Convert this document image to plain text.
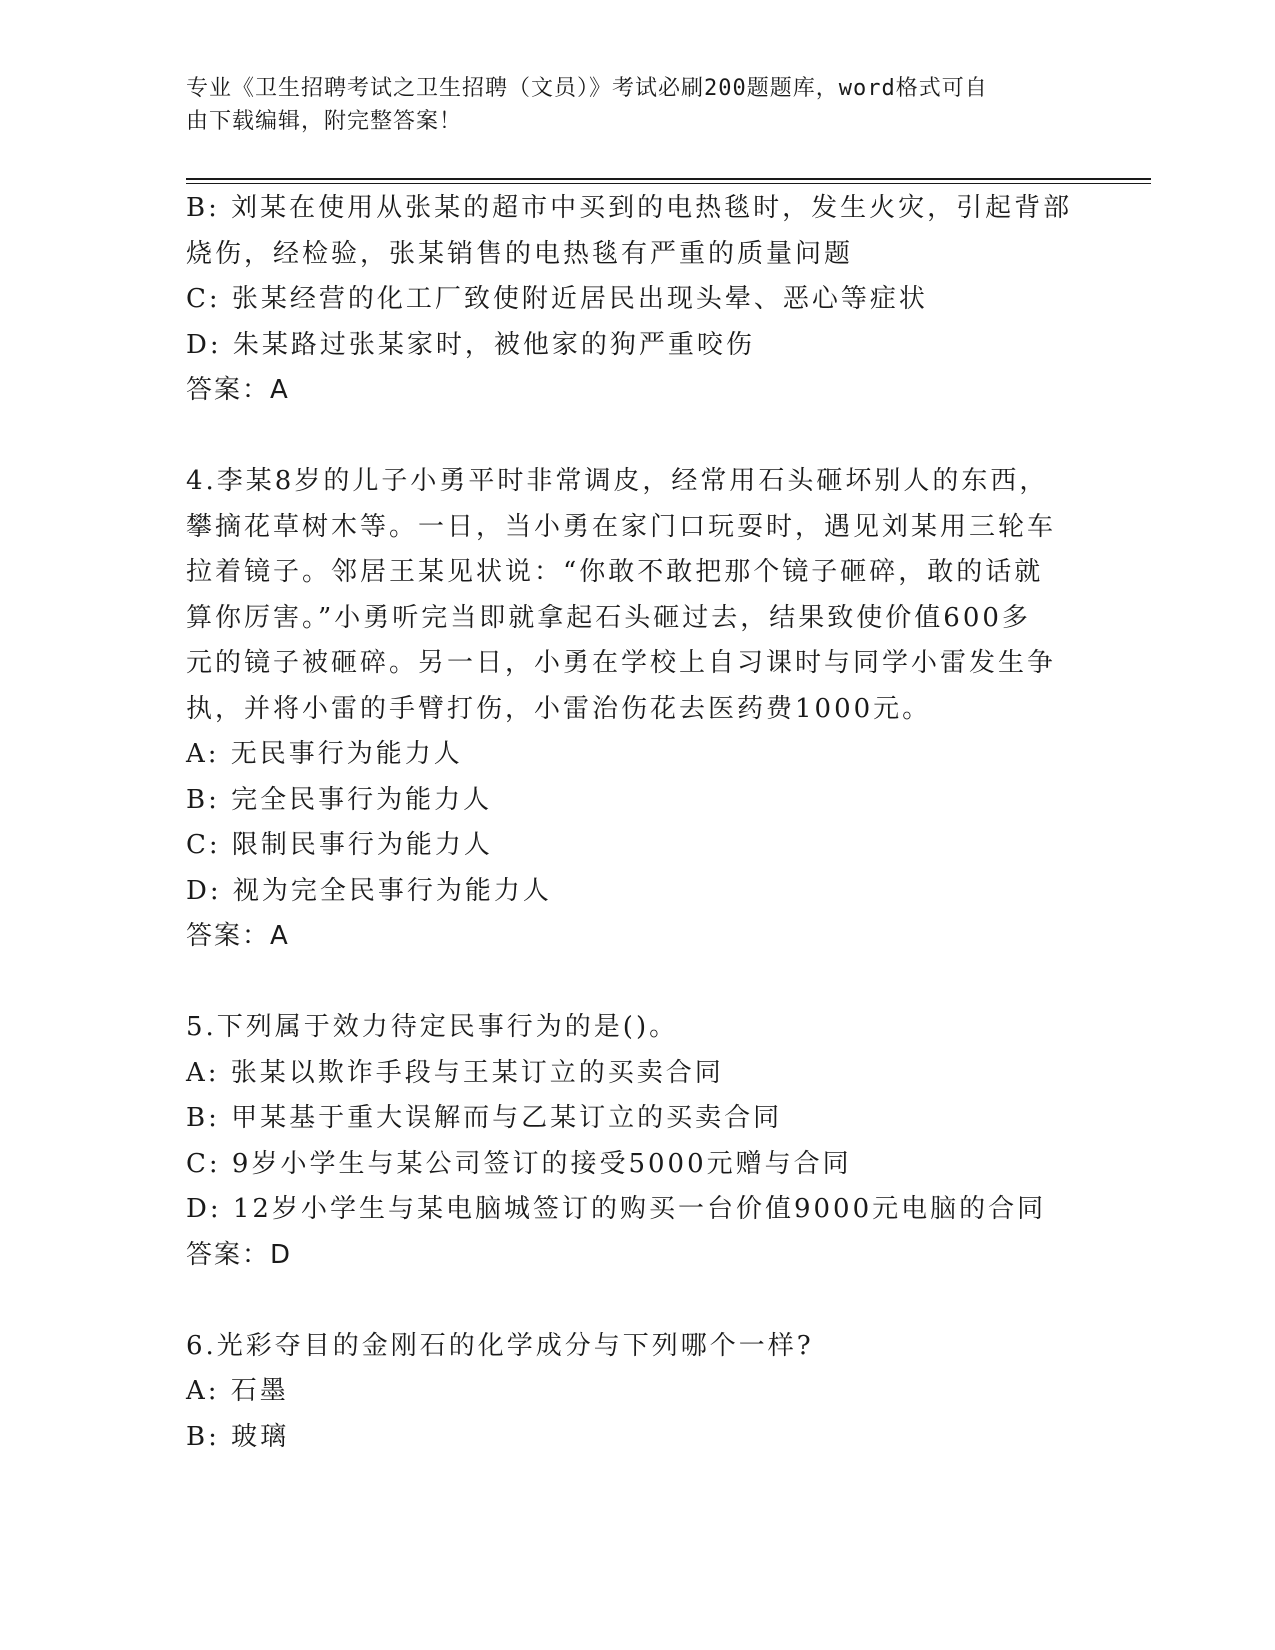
专业《卫生招聘考试之卫生招聘（文员）》考试必刷200题题库，word格式可自
由下载编辑，附完整答案！
B: 刘某在使用从张某的超市中买到的电热毯时，发生火灾，引起背部
烧伤，经检验，张某销售的电热毯有严重的质量问题
C: 张某经营的化工厂致使附近居民出现头晕、恶心等症状
D: 朱某路过张某家时，被他家的狗严重咬伤
答案：A
4.李某8岁的儿子小勇平时非常调皮，经常用石头砸坏别人的东西，
攀摘花草树木等。一日，当小勇在家门口玩耍时，遇见刘某用三轮车
拉着镜子。邻居王某见状说：“你敢不敢把那个镜子砸碎，敢的话就
算你厉害。”小勇听完当即就拿起石头砸过去，结果致使价值600多
元的镜子被砸碎。另一日，小勇在学校上自习课时与同学小雷发生争
执，并将小雷的手臂打伤，小雷治伤花去医药费1000元。
A: 无民事行为能力人
B: 完全民事行为能力人
C: 限制民事行为能力人
D: 视为完全民事行为能力人
答案：A
5.下列属于效力待定民事行为的是()。
A: 张某以欺诈手段与王某订立的买卖合同
B: 甲某基于重大误解而与乙某订立的买卖合同
C: 9岁小学生与某公司签订的接受5000元赠与合同
D: 12岁小学生与某电脑城签订的购买一台价值9000元电脑的合同
答案：D
6.光彩夺目的金刚石的化学成分与下列哪个一样?
A: 石墨
B: 玻璃
